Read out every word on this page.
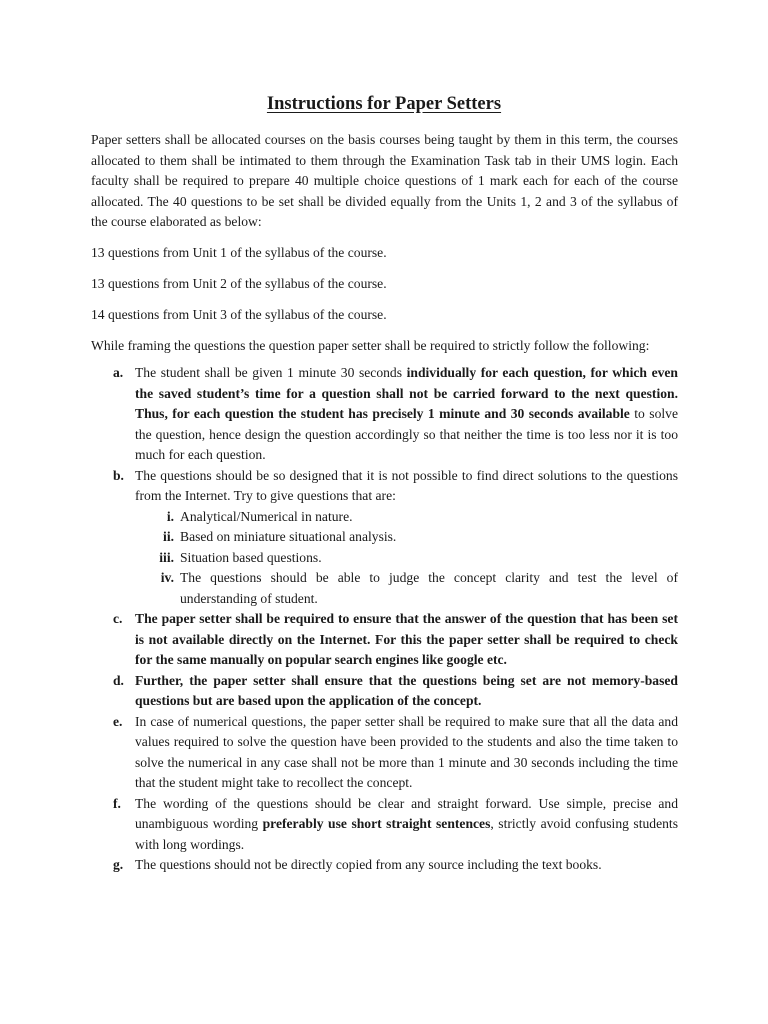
Instructions for Paper Setters

Paper setters shall be allocated courses on the basis courses being taught by them in this term, the courses allocated to them shall be intimated to them through the Examination Task tab in their UMS login. Each faculty shall be required to prepare 40 multiple choice questions of 1 mark each for each of the course allocated. The 40 questions to be set shall be divided equally from the Units 1, 2 and 3 of the syllabus of the course elaborated as below:

13 questions from Unit 1 of the syllabus of the course.

13 questions from Unit 2 of the syllabus of the course.

14 questions from Unit 3 of the syllabus of the course.

While framing the questions the question paper setter shall be required to strictly follow the following:

a. The student shall be given 1 minute 30 seconds individually for each question, for which even the saved student’s time for a question shall not be carried forward to the next question. Thus, for each question the student has precisely 1 minute and 30 seconds available to solve the question, hence design the question accordingly so that neither the time is too less nor it is too much for each question.
b. The questions should be so designed that it is not possible to find direct solutions to the questions from the Internet. Try to give questions that are:
i. Analytical/Numerical in nature.
ii. Based on miniature situational analysis.
iii. Situation based questions.
iv. The questions should be able to judge the concept clarity and test the level of understanding of student.
c. The paper setter shall be required to ensure that the answer of the question that has been set is not available directly on the Internet. For this the paper setter shall be required to check for the same manually on popular search engines like google etc.
d. Further, the paper setter shall ensure that the questions being set are not memory-based questions but are based upon the application of the concept.
e. In case of numerical questions, the paper setter shall be required to make sure that all the data and values required to solve the question have been provided to the students and also the time taken to solve the numerical in any case shall not be more than 1 minute and 30 seconds including the time that the student might take to recollect the concept.
f. The wording of the questions should be clear and straight forward. Use simple, precise and unambiguous wording preferably use short straight sentences, strictly avoid confusing students with long wordings.
g. The questions should not be directly copied from any source including the text books.
